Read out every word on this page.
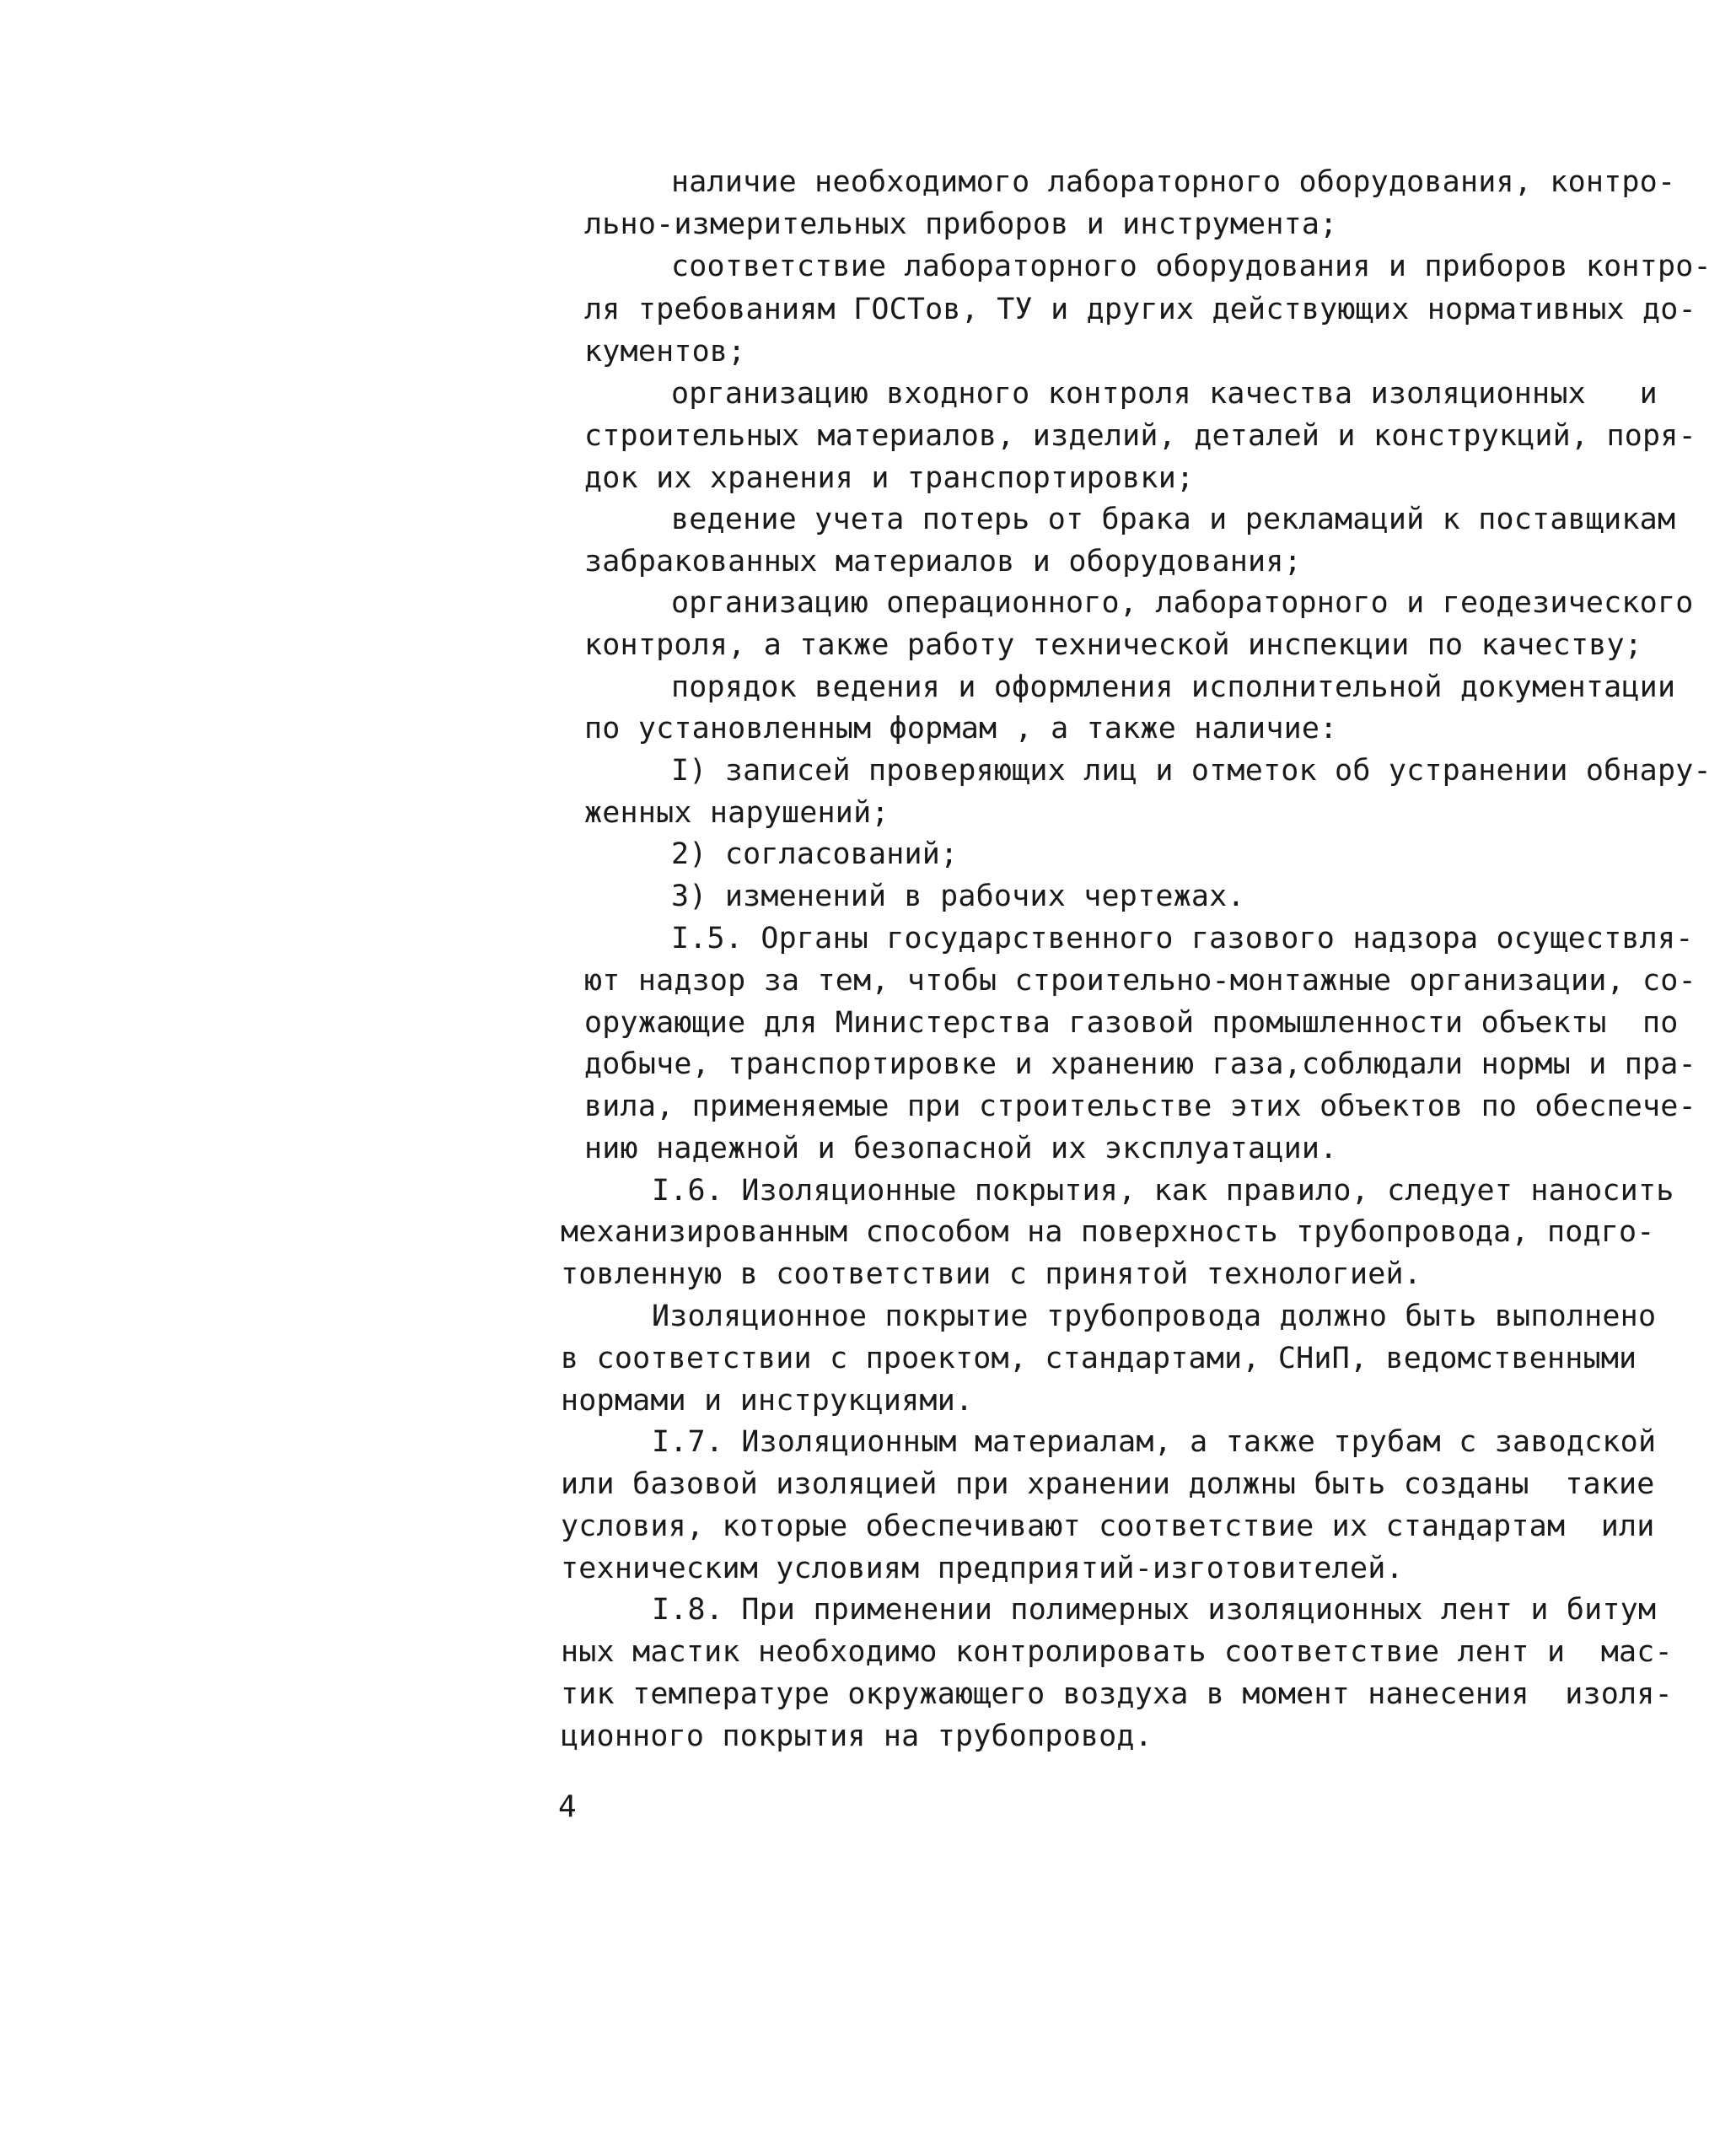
наличие необходимого лабораторного оборудования, контро-
льно-измерительных приборов и инструмента;
соответствие лабораторного оборудования и приборов контро-
ля требованиям ГОСТов, ТУ и других действующих нормативных до-
кументов;
организацию входного контроля качества изоляционных   и
строительных материалов, изделий, деталей и конструкций, поря-
док их хранения и транспортировки;
ведение учета потерь от брака и рекламаций к поставщикам
забракованных материалов и оборудования;
организацию операционного, лабораторного и геодезического
контроля, а также работу технической инспекции по качеству;
порядок ведения и оформления исполнительной документации
по установленным формам , а также наличие:
I) записей проверяющих лиц и отметок об устранении обнару-
женных нарушений;
2) согласований;
3) изменений в рабочих чертежах.
I.5. Органы государственного газового надзора осуществля-
ют надзор за тем, чтобы строительно-монтажные организации, со-
оружающие для Министерства газовой промышленности объекты  по
добыче, транспортировке и хранению газа,соблюдали нормы и пра-
вила, применяемые при строительстве этих объектов по обеспече-
нию надежной и безопасной их эксплуатации.
I.6. Изоляционные покрытия, как правило, следует наносить
механизированным способом на поверхность трубопровода, подго-
товленную в соответствии с принятой технологией.
Изоляционное покрытие трубопровода должно быть выполнено
в соответствии с проектом, стандартами, СНиП, ведомственными
нормами и инструкциями.
I.7. Изоляционным материалам, а также трубам с заводской
или базовой изоляцией при хранении должны быть созданы  такие
условия, которые обеспечивают соответствие их стандартам  или
техническим условиям предприятий-изготовителей.
I.8. При применении полимерных изоляционных лент и битум
ных мастик необходимо контролировать соответствие лент и  мас-
тик температуре окружающего воздуха в момент нанесения  изоля-
ционного покрытия на трубопровод.
4
